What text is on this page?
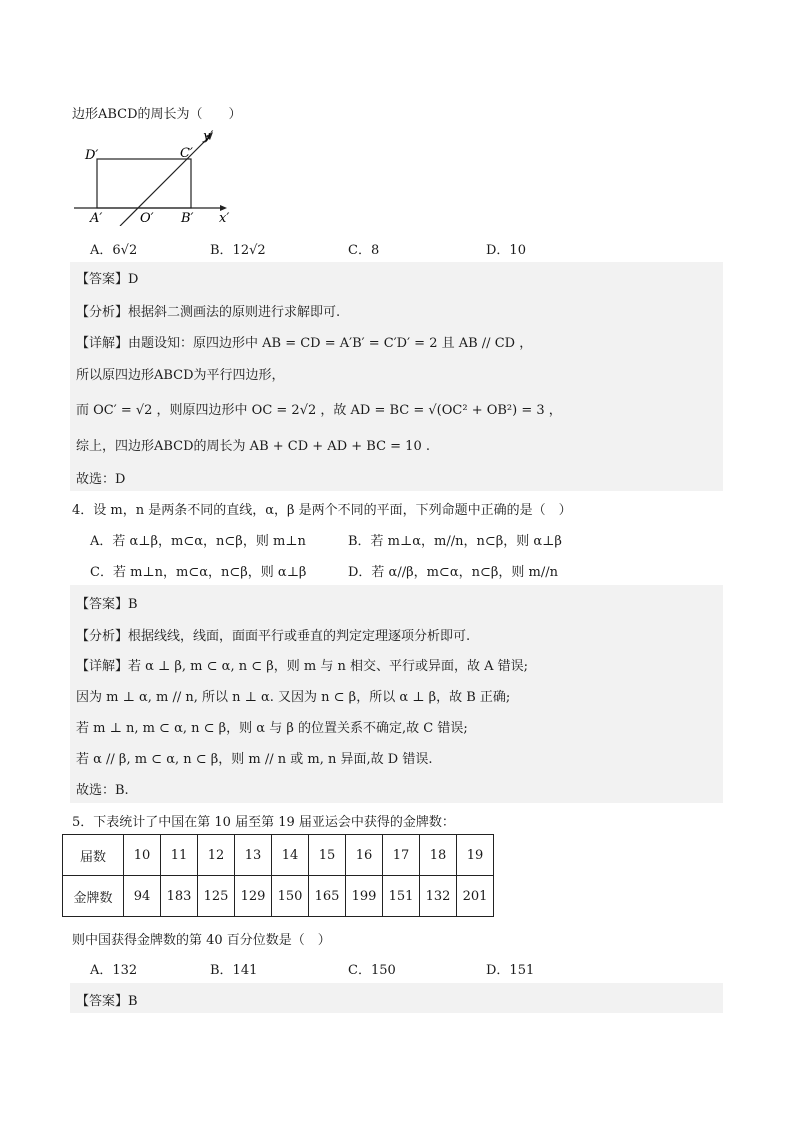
边形ABCD的周长为（　　）
D′	C′
y′
A′	O′ B′ x′
A．6√2	B．12√2	C．8	D．10
【答案】D
【分析】根据斜二测画法的原则进行求解即可.
【详解】由题设知：原四边形中 AB = CD = A′B′ = C′D′ = 2 且 AB // CD ，
所以原四边形ABCD为平行四边形，
而 OC′ = √2 ，则原四边形中 OC = 2√2 ，故 AD = BC = √(OC² + OB²) = 3 ，
综上，四边形ABCD的周长为 AB + CD + AD + BC = 10 .
故选：D
4．设 m，n 是两条不同的直线，α，β 是两个不同的平面，下列命题中正确的是（　）
A．若 α⊥β，m⊂α，n⊂β，则 m⊥n	B．若 m⊥α，m//n，n⊂β，则 α⊥β
C．若 m⊥n，m⊂α，n⊂β，则 α⊥β	D．若 α//β，m⊂α，n⊂β，则 m//n
【答案】B
【分析】根据线线，线面，面面平行或垂直的判定定理逐项分析即可.
【详解】若 α ⊥ β, m ⊂ α, n ⊂ β，则 m 与 n 相交、平行或异面，故 A 错误;
因为 m ⊥ α, m // n, 所以 n ⊥ α. 又因为 n ⊂ β，所以 α ⊥ β，故 B 正确;
若 m ⊥ n, m ⊂ α, n ⊂ β，则 α 与 β 的位置关系不确定,故 C 错误;
若 α // β, m ⊂ α, n ⊂ β，则 m // n 或 m, n 异面,故 D 错误.
故选：B.
5．下表统计了中国在第 10 届至第 19 届亚运会中获得的金牌数：
届数	10	11	12	13	14	15	16	17	18	19
金牌数	94	183	125	129	150	165	199	151	132	201
则中国获得金牌数的第 40 百分位数是（　）
A．132	B．141	C．150	D．151
【答案】B
